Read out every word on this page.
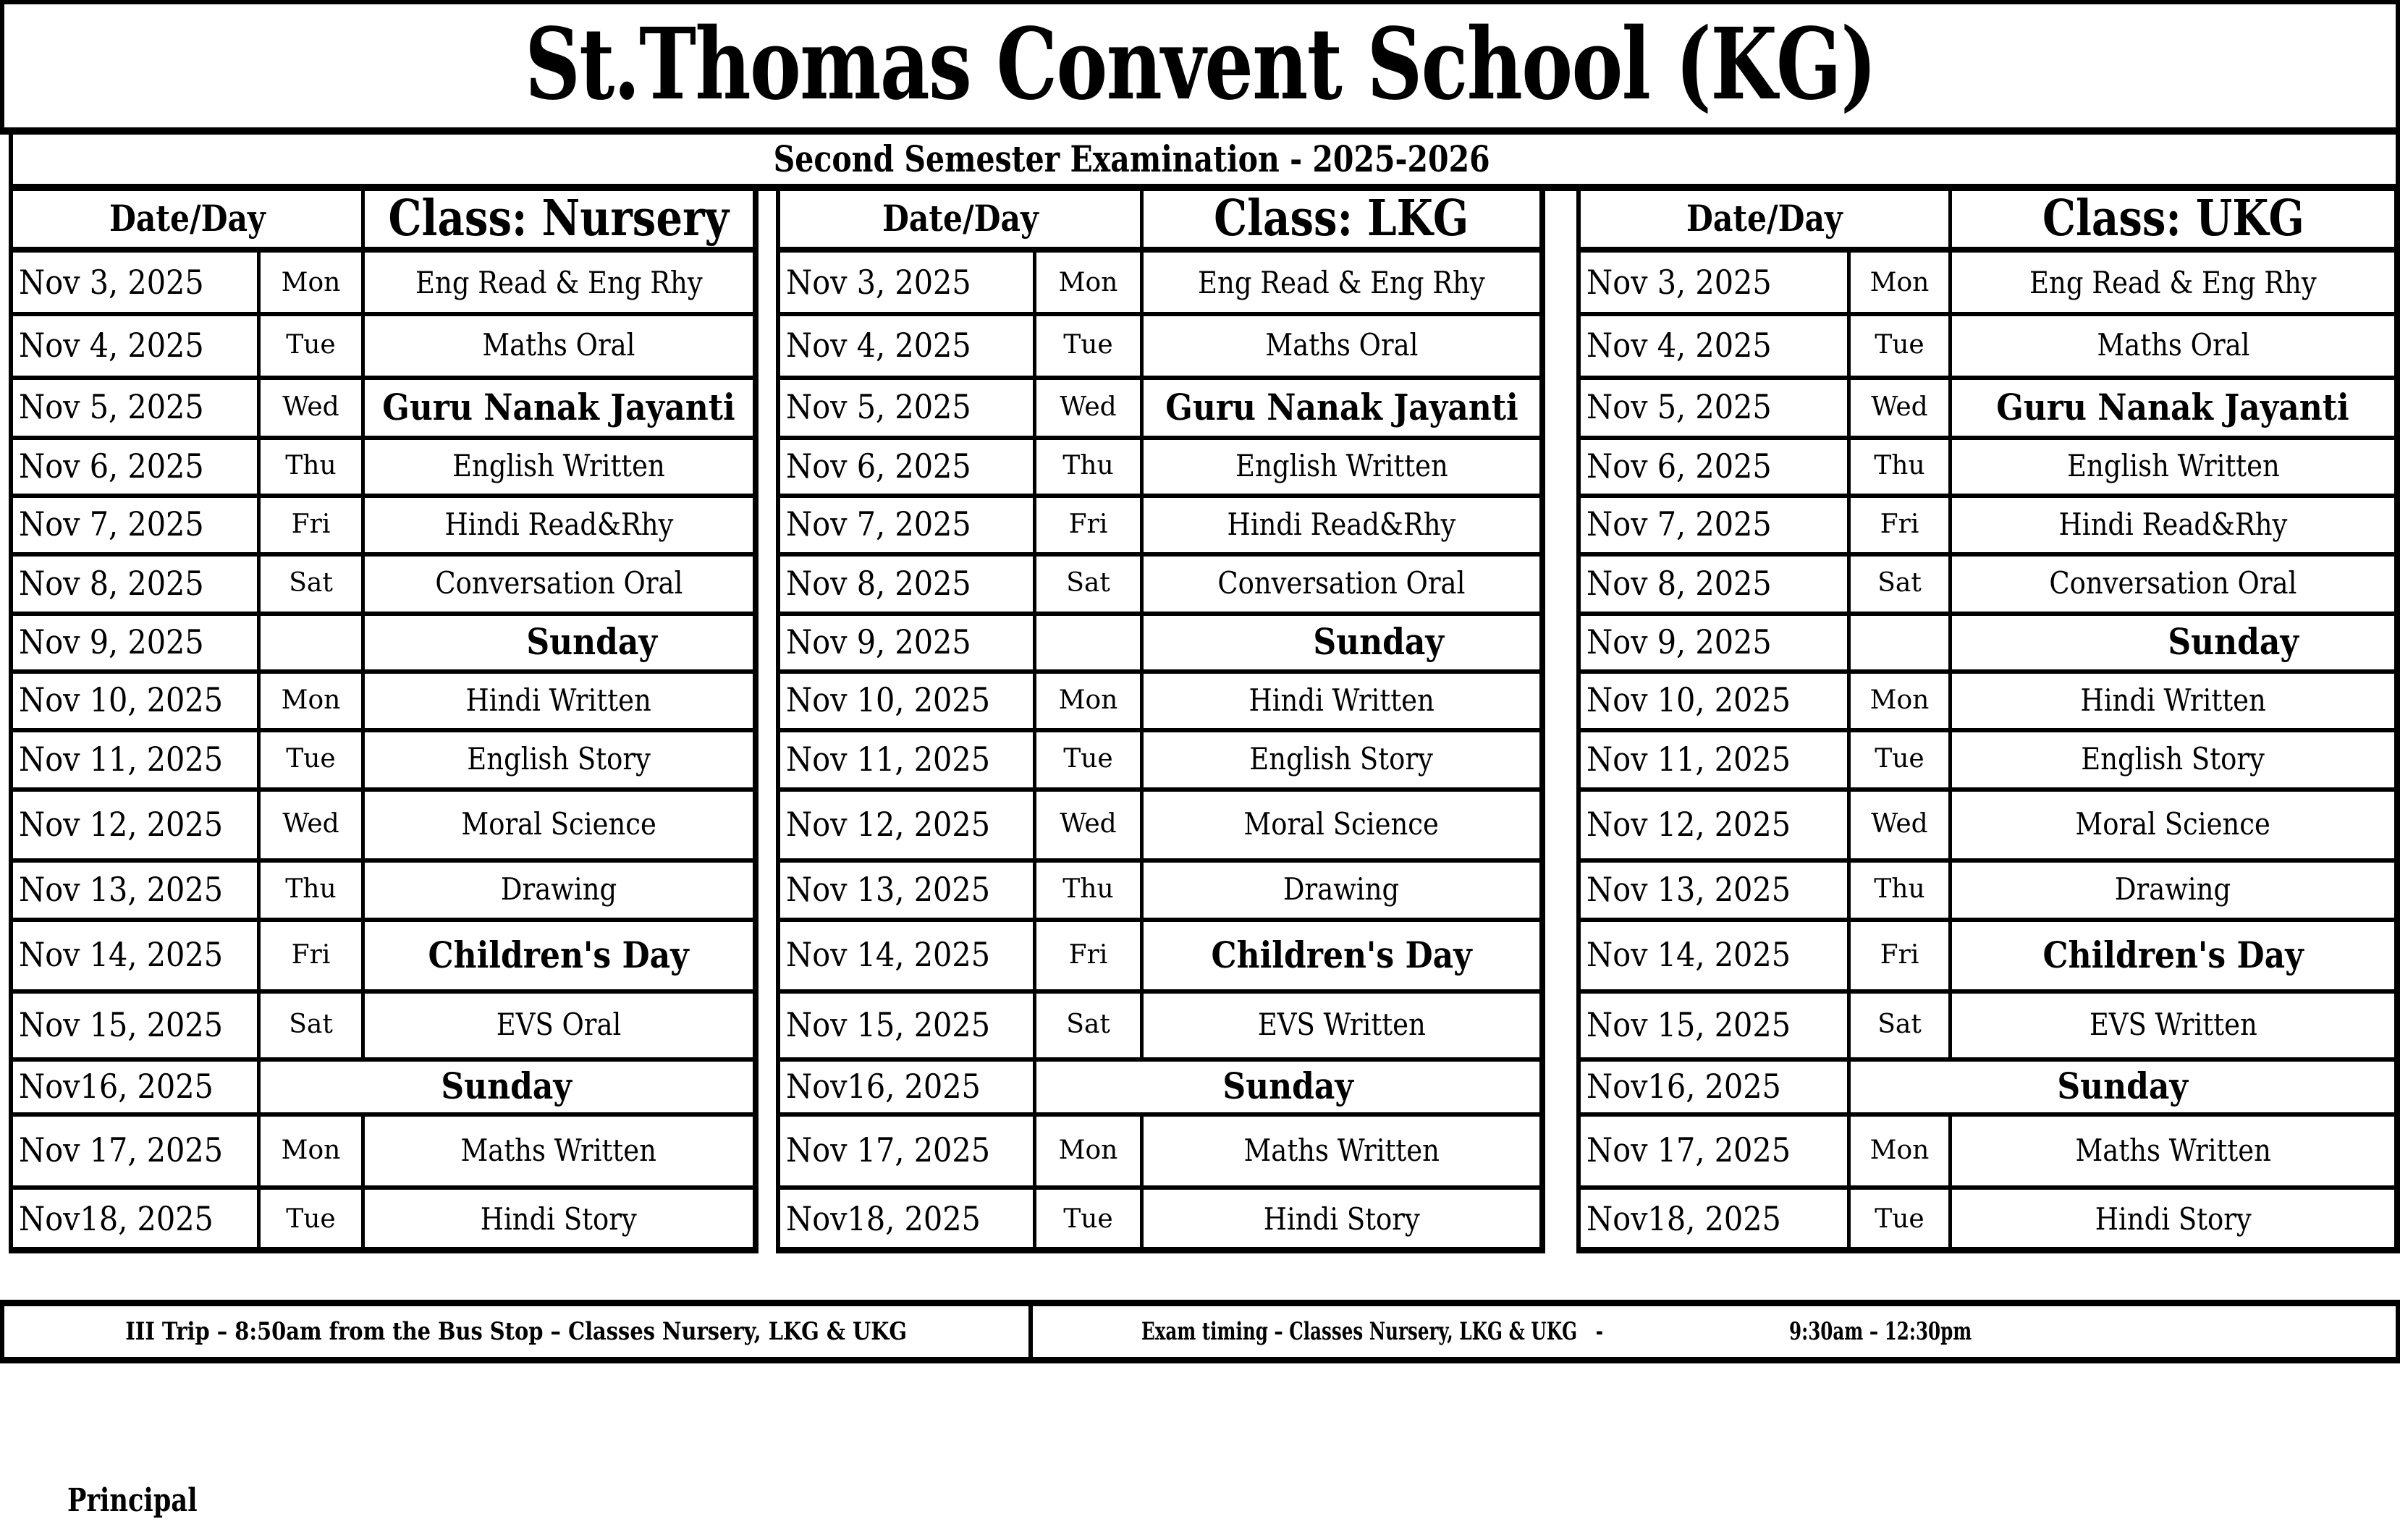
St.Thomas Convent School (KG)
Second Semester Examination - 2025-2026
Date/Day	Class: Nursery
Nov 3, 2025	Mon Eng Read & Eng Rhy
Nov 4, 2025	Tue	Maths Oral
Nov 5, 2025	Wed Guru Nanak Jayanti
Nov 6, 2025	Thu	English Written
Nov 7, 2025	Fri	Hindi Read&Rhy
Nov 8, 2025	Sat	Conversation Oral
Nov 9, 2025	Sunday
Nov 10, 2025 Mon	Hindi Written
Nov 11, 2025 Tue	English Story
Nov 12, 2025 Wed	Moral Science
Nov 13, 2025 Thu	Drawing
Nov 14, 2025	Fri	Children's Day
Nov 15, 2025	Sat	EVS Oral
Nov16, 2025	Sunday
Nov 17, 2025 Mon	Maths Written
Nov18, 2025	Tue	Hindi Story
Date/Day	Class: LKG
Nov 3, 2025	Mon	Eng Read & Eng Rhy
Nov 4, 2025	Tue	Maths Oral
Nov 5, 2025	Wed Guru Nanak Jayanti
Nov 6, 2025	Thu	English Written
Nov 7, 2025	Fri	Hindi Read&Rhy
Nov 8, 2025	Sat	Conversation Oral
Nov 9, 2025	Sunday
Nov 10, 2025	Mon	Hindi Written
Nov 11, 2025	Tue	English Story
Nov 12, 2025	Wed	Moral Science
Nov 13, 2025	Thu	Drawing
Nov 14, 2025	Fri	Children's Day
Nov 15, 2025	Sat	EVS Written
Nov16, 2025	Sunday
Nov 17, 2025	Mon	Maths Written
Nov18, 2025	Tue	Hindi Story
Date/Day	Class: UKG
Nov 3, 2025	Mon	Eng Read & Eng Rhy
Nov 4, 2025	Tue	Maths Oral
Nov 5, 2025	Wed Guru Nanak Jayanti
Nov 6, 2025	Thu	English Written
Nov 7, 2025	Fri	Hindi Read&Rhy
Nov 8, 2025	Sat	Conversation Oral
Nov 9, 2025	Sunday
Nov 10, 2025	Mon	Hindi Written
Nov 11, 2025	Tue	English Story
Nov 12, 2025	Wed	Moral Science
Nov 13, 2025	Thu	Drawing
Nov 14, 2025	Fri	Children's Day
Nov 15, 2025	Sat	EVS Written
Nov16, 2025	Sunday
Nov 17, 2025	Mon	Maths Written
Nov18, 2025	Tue	Hindi Story
III Trip – 8:50am from the Bus Stop – Classes Nursery, LKG & UKG	Exam timing – Classes Nursery, LKG & UKG   -	9:30am – 12:30pm
Principal
